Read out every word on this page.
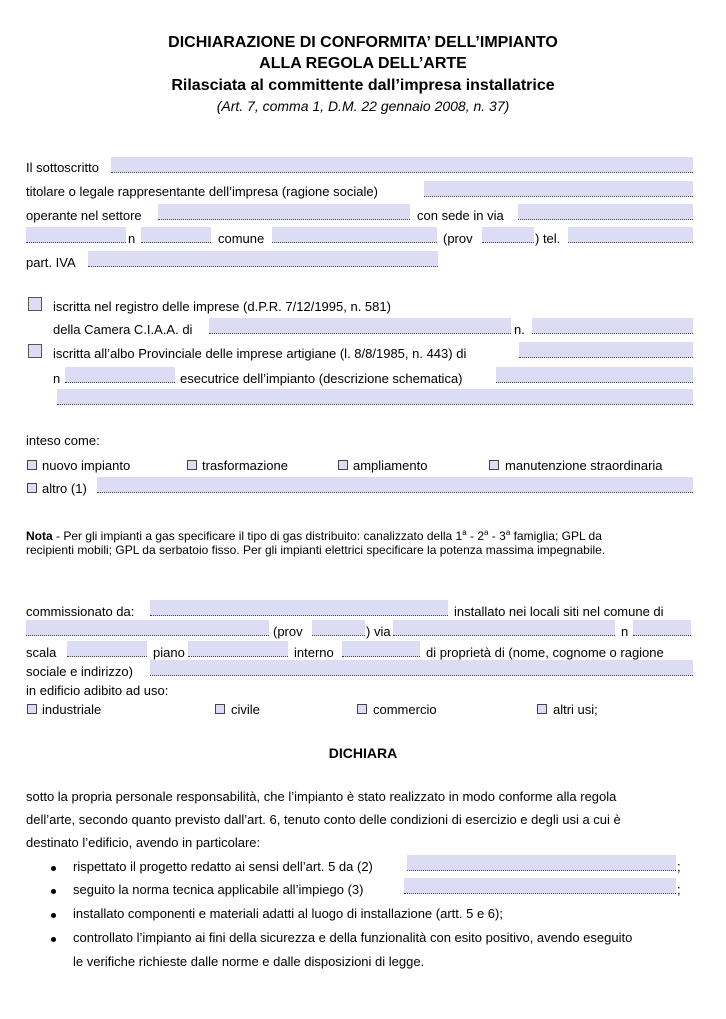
DICHIARAZIONE DI CONFORMITA’ DELL’IMPIANTO
ALLA REGOLA DELL’ARTE
Rilasciata al committente dall’impresa installatrice
(Art. 7, comma 1, D.M. 22 gennaio 2008, n. 37)
Il sottoscritto
titolare o legale rappresentante dell’impresa (ragione sociale)
operante nel settore	con sede in via
n	comune	(prov	) tel.
part. IVA
iscritta nel registro delle imprese (d.P.R. 7/12/1995, n. 581)
della Camera C.I.A.A. di	n.
iscritta all’albo Provinciale delle imprese artigiane (l. 8/8/1985, n. 443) di
n	esecutrice dell’impianto (descrizione schematica)
inteso come:
nuovo impianto	trasformazione	ampliamento	manutenzione straordinaria
altro (1)
Nota - Per gli impianti a gas specificare il tipo di gas distribuito: canalizzato della 1$^a$ - 2$^a$ - 3$^a$ famiglia; GPL da
recipienti mobili; GPL da serbatoio fisso. Per gli impianti elettrici specificare la potenza massima impegnabile.
commissionato da:	installato nei locali siti nel comune di
(prov	) via	n
scala	piano	interno	di proprietà di (nome, cognome o ragione
sociale e indirizzo)
in edificio adibito ad uso:
industriale	civile	commercio	altri usi;
DICHIARA
sotto la propria personale responsabilità, che l’impianto è stato realizzato in modo conforme alla regola
dell’arte, secondo quanto previsto dall’art. 6, tenuto conto delle condizioni di esercizio e degli usi a cui è
destinato l’edificio, avendo in particolare:
rispettato il progetto redatto ai sensi dell’art. 5 da (2)	;
seguito la norma tecnica applicabile all’impiego (3)	;
installato componenti e materiali adatti al luogo di installazione (artt. 5 e 6);
controllato l’impianto ai fini della sicurezza e della funzionalità con esito positivo, avendo eseguito
le verifiche richieste dalle norme e dalle disposizioni di legge.
